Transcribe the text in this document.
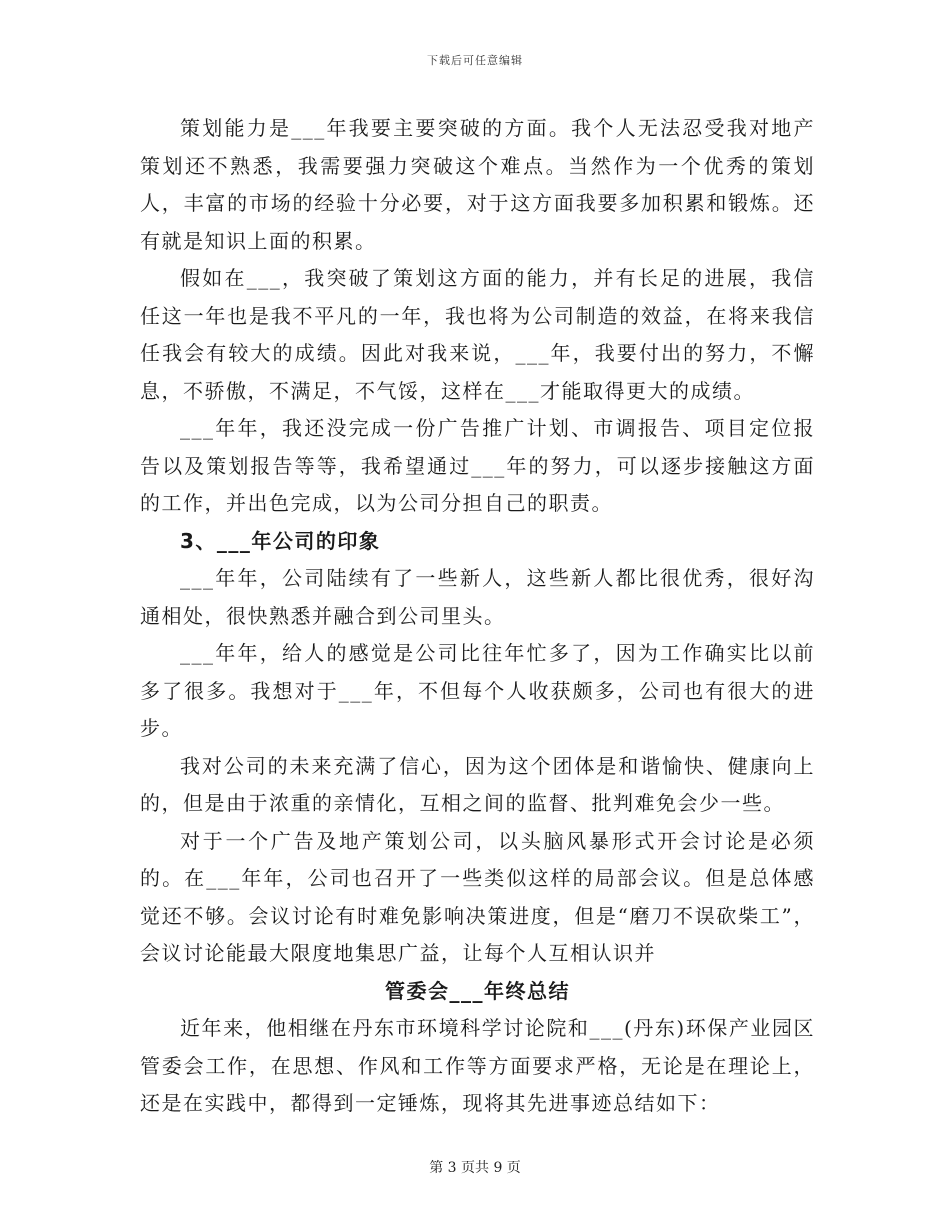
下载后可任意编辑

策划能力是___年我要主要突破的方面。我个人无法忍受我对地产策划还不熟悉，我需要强力突破这个难点。当然作为一个优秀的策划人，丰富的市场的经验十分必要，对于这方面我要多加积累和锻炼。还有就是知识上面的积累。

假如在___，我突破了策划这方面的能力，并有长足的进展，我信任这一年也是我不平凡的一年，我也将为公司制造的效益，在将来我信任我会有较大的成绩。因此对我来说，___年，我要付出的努力，不懈息，不骄傲，不满足，不气馁，这样在___才能取得更大的成绩。

___年年，我还没完成一份广告推广计划、市调报告、项目定位报告以及策划报告等等，我希望通过___年的努力，可以逐步接触这方面的工作，并出色完成，以为公司分担自己的职责。

3、___年公司的印象

___年年，公司陆续有了一些新人，这些新人都比很优秀，很好沟通相处，很快熟悉并融合到公司里头。

___年年，给人的感觉是公司比往年忙多了，因为工作确实比以前多了很多。我想对于___年，不但每个人收获颇多，公司也有很大的进步。

我对公司的未来充满了信心，因为这个团体是和谐愉快、健康向上的，但是由于浓重的亲情化，互相之间的监督、批判难免会少一些。

对于一个广告及地产策划公司，以头脑风暴形式开会讨论是必须的。在___年年，公司也召开了一些类似这样的局部会议。但是总体感觉还不够。会议讨论有时难免影响决策进度，但是“磨刀不误砍柴工”，会议讨论能最大限度地集思广益，让每个人互相认识并

管委会___年终总结

近年来，他相继在丹东市环境科学讨论院和___(丹东)环保产业园区管委会工作，在思想、作风和工作等方面要求严格，无论是在理论上，还是在实践中，都得到一定锤炼，现将其先进事迹总结如下：

第 3 页共 9 页
